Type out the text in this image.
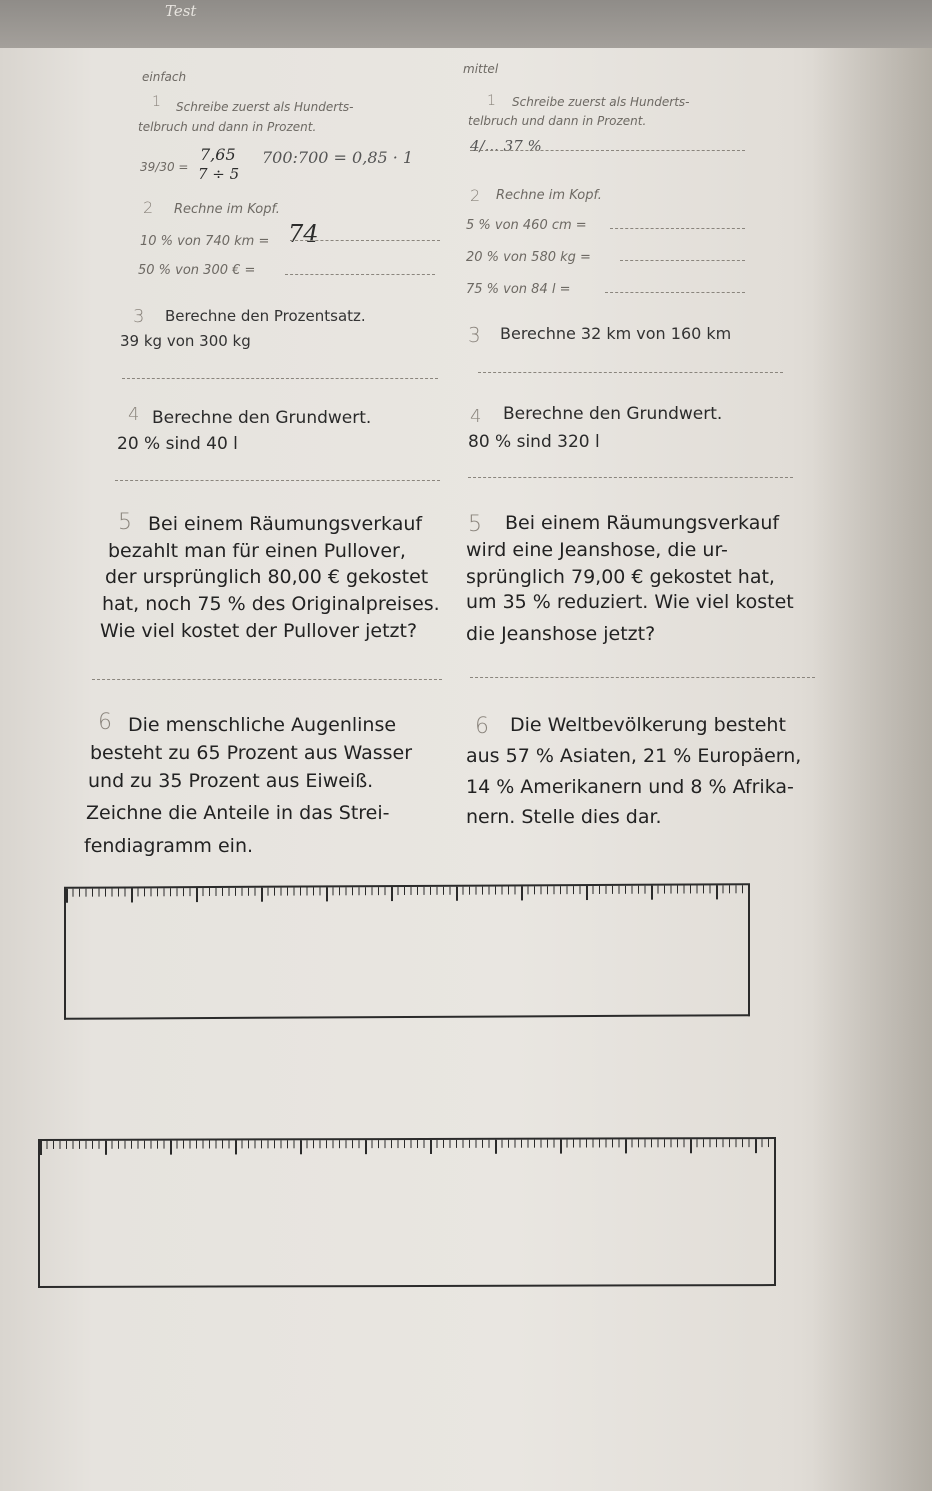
Test
einfach
1 Schreibe zuerst als Hunderts-
telbruch und dann in Prozent.
39/30 =
7,65
7 ÷ 5
700:700 = 0,85 · 1
2 Rechne im Kopf.
10 % von 740 km = 74
50 % von 300 € =
3 Berechne den Prozentsatz.
39 kg von 300 kg
4 Berechne den Grundwert.
20 % sind 40 l
5 Bei einem Räumungsverkauf
bezahlt man für einen Pullover,
der ursprünglich 80,00 € gekostet
hat, noch 75 % des Originalpreises.
Wie viel kostet der Pullover jetzt?
6 Die menschliche Augenlinse
besteht zu 65 Prozent aus Wasser
und zu 35 Prozent aus Eiweiß.
Zeichne die Anteile in das Strei-
fendiagramm ein.
mittel
1 Schreibe zuerst als Hunderts-
telbruch und dann in Prozent.
4/... 37 %
2 Rechne im Kopf.
5 % von 460 cm =
20 % von 580 kg =
75 % von 84 l =
3 Berechne 32 km von 160 km
4 Berechne den Grundwert.
80 % sind 320 l
5 Bei einem Räumungsverkauf
wird eine Jeanshose, die ur-
sprünglich 79,00 € gekostet hat,
um 35 % reduziert. Wie viel kostet
die Jeanshose jetzt?
6 Die Weltbevölkerung besteht
aus 57 % Asiaten, 21 % Europäern,
14 % Amerikanern und 8 % Afrika-
nern. Stelle dies dar.
